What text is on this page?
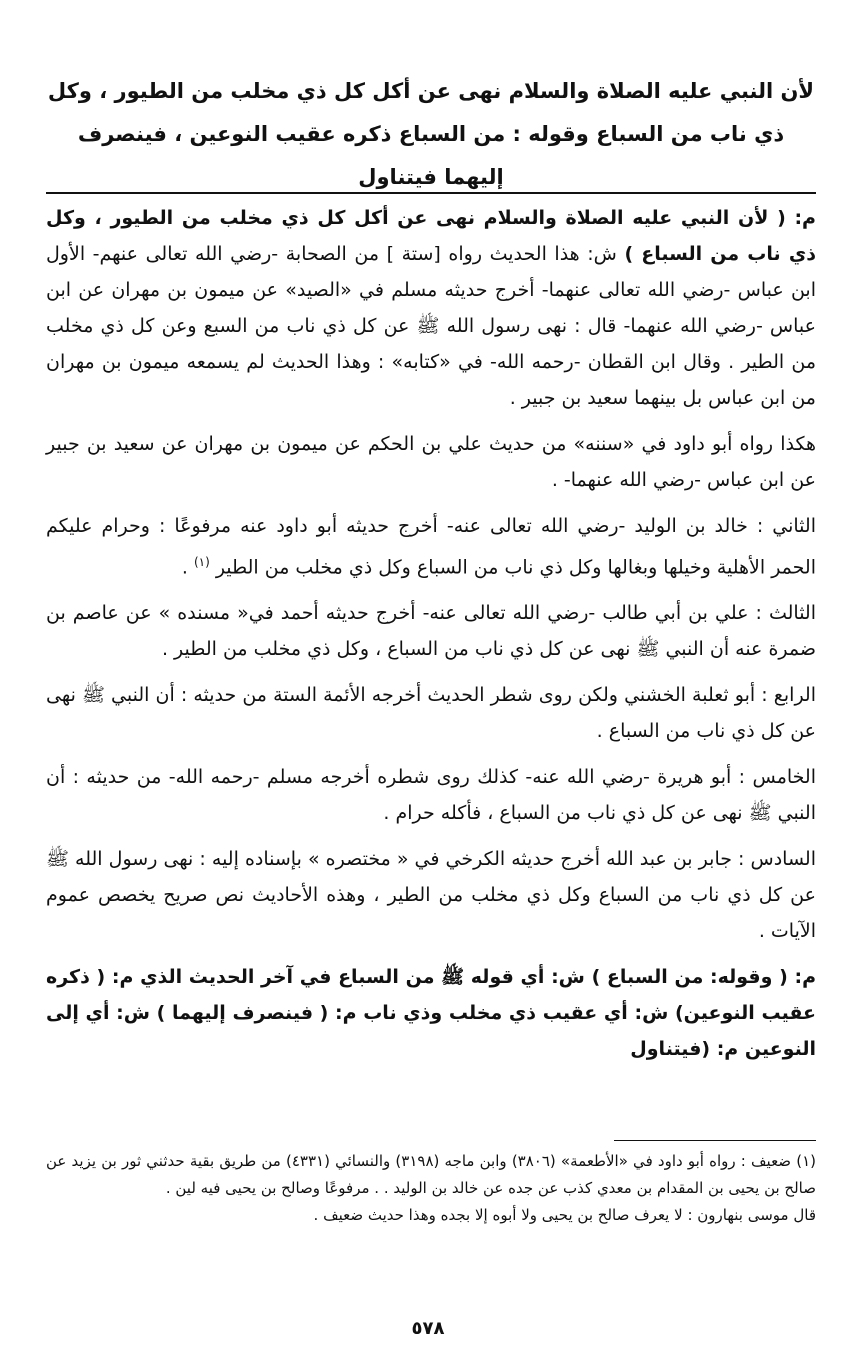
لأن النبي عليه الصلاة والسلام نهى عن أكل كل ذي مخلب من الطيور ، وكل ذي ناب من السباع وقوله : من السباع ذكره عقيب النوعين ، فينصرف إليهما فيتناول

م: ( لأن النبي عليه الصلاة والسلام نهى عن أكل كل ذي مخلب من الطيور ، وكل ذي ناب من السباع ) ش: هذا الحديث رواه [ستة ] من الصحابة -رضي الله تعالى عنهم- الأول ابن عباس -رضي الله تعالى عنهما- أخرج حديثه مسلم في «الصيد» عن ميمون بن مهران عن ابن عباس -رضي الله عنهما- قال : نهى رسول الله ﷺ عن كل ذي ناب من السبع وعن كل ذي مخلب من الطير . وقال ابن القطان -رحمه الله- في «كتابه» : وهذا الحديث لم يسمعه ميمون بن مهران من ابن عباس بل بينهما سعيد بن جبير .

هكذا رواه أبو داود في «سننه» من حديث علي بن الحكم عن ميمون بن مهران عن سعيد بن جبير عن ابن عباس -رضي الله عنهما- .

الثاني : خالد بن الوليد -رضي الله تعالى عنه- أخرج حديثه أبو داود عنه مرفوعًا : وحرام عليكم الحمر الأهلية وخيلها وبغالها وكل ذي ناب من السباع وكل ذي مخلب من الطير $^{(١)}$ .

الثالث : علي بن أبي طالب -رضي الله تعالى عنه- أخرج حديثه أحمد في« مسنده » عن عاصم بن ضمرة عنه أن النبي ﷺ نهى عن كل ذي ناب من السباع ، وكل ذي مخلب من الطير .

الرابع : أبو ثعلبة الخشني ولكن روى شطر الحديث أخرجه الأئمة الستة من حديثه : أن النبي ﷺ نهى عن كل ذي ناب من السباع .

الخامس : أبو هريرة -رضي الله عنه- كذلك روى شطره أخرجه مسلم -رحمه الله- من حديثه : أن النبي ﷺ نهى عن كل ذي ناب من السباع ، فأكله حرام .

السادس : جابر بن عبد الله أخرج حديثه الكرخي في « مختصره » بإسناده إليه : نهى رسول الله ﷺ عن كل ذي ناب من السباع وكل ذي مخلب من الطير ، وهذه الأحاديث نص صريح يخصص عموم الآيات .

م: ( وقوله: من السباع ) ش: أي قوله ﷺ من السباع في آخر الحديث الذي م: ( ذكره عقيب النوعين) ش: أي عقيب ذي مخلب وذي ناب م: ( فينصرف إليهما ) ش: أي إلى النوعين م: (فيتناول

(١) ضعيف : رواه أبو داود في «الأطعمة» (٣٨٠٦) وابن ماجه (٣١٩٨) والنسائي (٤٣٣١) من طريق بقية حدثني ثور بن يزيد عن صالح بن يحيى بن المقدام بن معدي كذب عن جده عن خالد بن الوليد . . مرفوعًا وصالح بن يحيى فيه لين .

قال موسى بنهارون : لا يعرف صالح بن يحيى ولا أبوه إلا بجده وهذا حديث ضعيف .

٥٧٨
